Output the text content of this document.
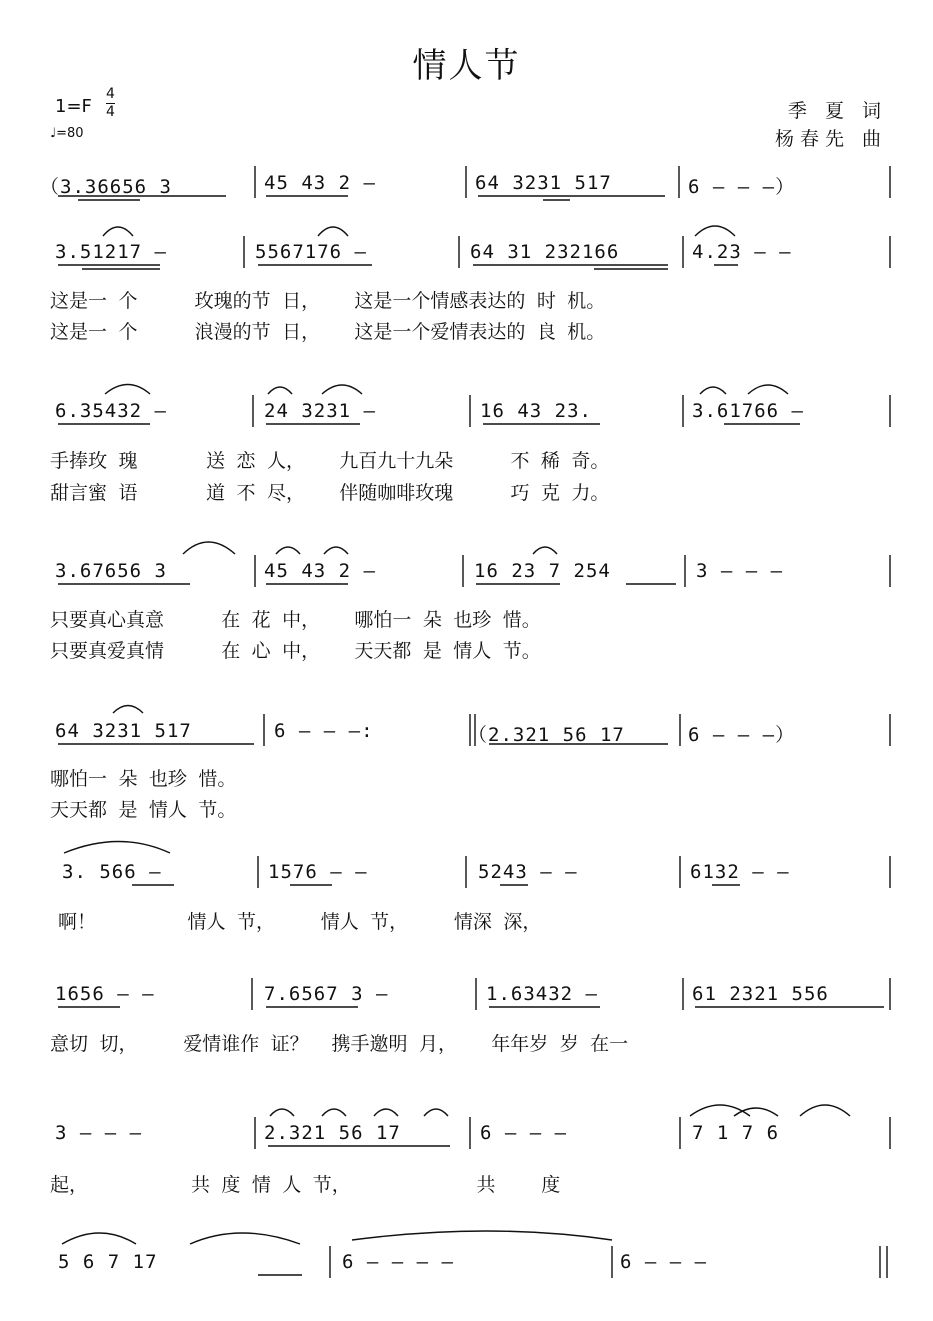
情人节
$1=F \frac{4}{4}$
♩=80
季 夏 词
杨春先 曲
（3.36656 3	45 43 2 –	64 3231 517	6 – – –）
3.51217 –	5567176 –	64 31 232166	4.23 – –
这是一 个     玫瑰的节 日，   这是一个情感表达的 时 机。
这是一 个     浪漫的节 日，   这是一个爱情表达的 良 机。
6.35432 –	24 3231 –	16 43 23.	3.61766 –
手捧玫 瑰      送 恋 人，   九百九十九朵     不 稀 奇。
甜言蜜 语      道 不 尽，   伴随咖啡玫瑰     巧 克 力。
3.67656 3	45 43 2 –	16 23 7 254	3 – – –
只要真心真意     在 花 中，   哪怕一 朵 也珍 惜。
只要真爱真情     在 心 中，   天天都 是 情人 节。
64 3231 517	6 – – –:	（2.321 56 17	6 – – –）
哪怕一 朵 也珍 惜。
天天都 是 情人 节。
3. 566 –	1576 – –	5243 – –	6132 – –
啊！        情人 节，    情人 节，    情深 深，
1656 – –	7.6567 3 –	1.63432 –	61 2321 556
意切 切，    爱情谁作 证？  携手邀明 月，   年年岁 岁 在一
3 – – –	2.321 56 17	6 – – –	7 1 7 6
起，         共 度 情 人 节，           共    度
5 6 7 17	6 – – – –	6 – – –
